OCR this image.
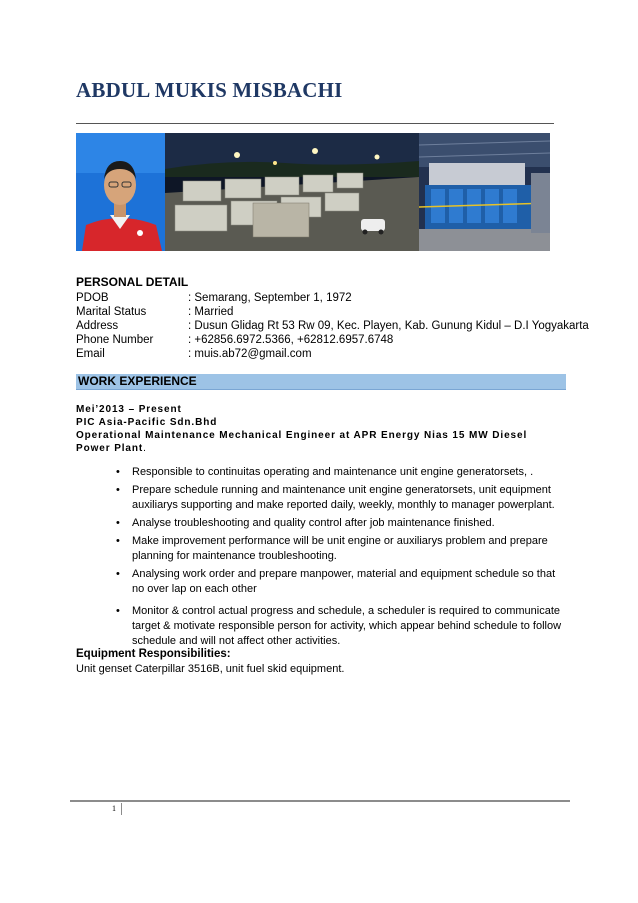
ABDUL MUKIS MISBACHI
PERSONAL DETAIL
PDOB	: Semarang, September 1, 1972
Marital Status	: Married
Address	: Dusun Glidag Rt 53 Rw 09, Kec. Playen, Kab. Gunung Kidul – D.I Yogyakarta
Phone Number	: +62856.6972.5366, +62812.6957.6748
Email	: muis.ab72@gmail.com
WORK EXPERIENCE
Mei’2013 – Present
PIC Asia-Pacific Sdn.Bhd
Operational Maintenance Mechanical Engineer at APR Energy Nias 15 MW Diesel
Power Plant.
• Responsible to continuitas operating and maintenance unit engine generatorsets, .
• Prepare schedule running and maintenance unit engine generatorsets, unit equipment auxiliarys supporting and make reported daily, weekly, monthly to manager powerplant.
• Analyse troubleshooting and quality control after job maintenance finished.
• Make improvement performance will be unit engine or auxiliarys problem and prepare planning for maintenance troubleshooting.
• Analysing work order and prepare manpower, material and equipment schedule so that no over lap on each other
• Monitor & control actual progress and schedule, a scheduler is required to communicate target & motivate responsible person for activity, which appear behind schedule to follow schedule and will not affect other activities.
Equipment Responsibilities:
Unit genset Caterpillar 3516B, unit fuel skid equipment.
1
